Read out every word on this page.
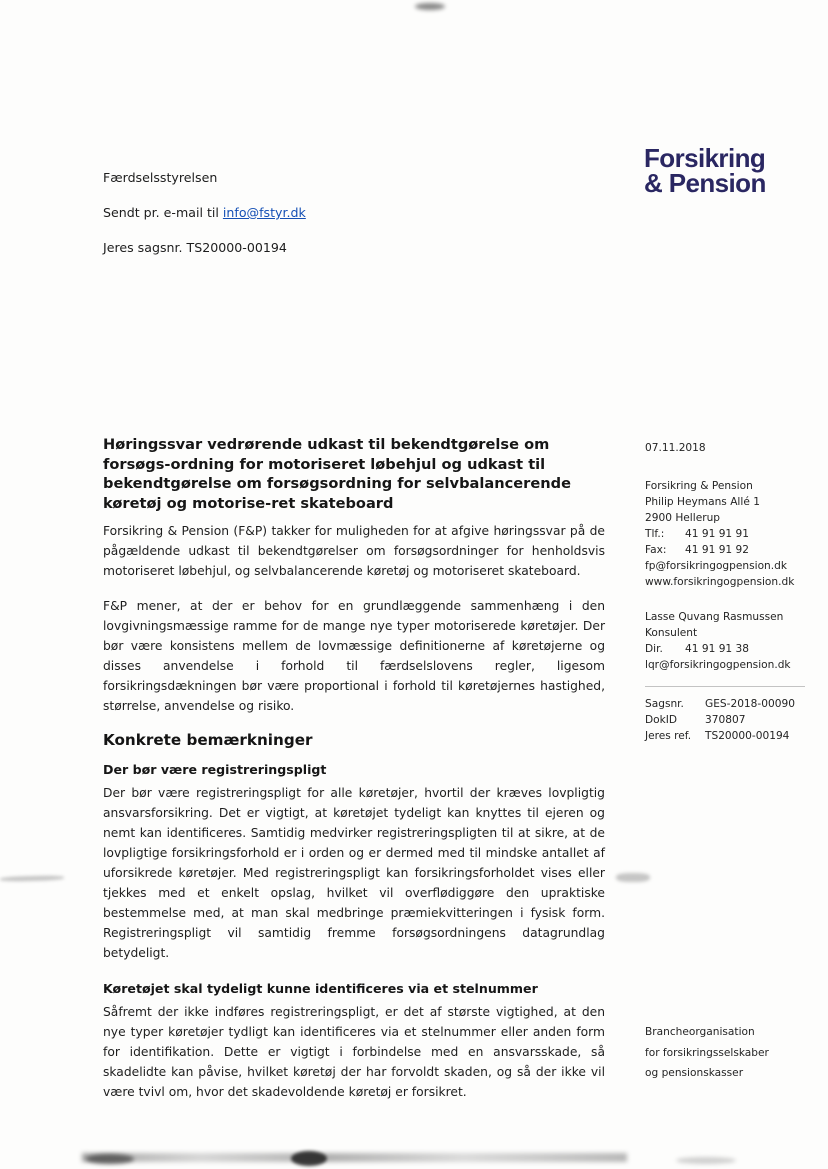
Færdselsstyrelsen

Sendt pr. e-mail til info@fstyr.dk

Jeres sagsnr. TS20000-00194

Forsikring
& Pension
Høringssvar vedrørende udkast til bekendtgørelse om forsøgs-ordning for motoriseret løbehjul og udkast til bekendtgørelse om forsøgsordning for selvbalancerende køretøj og motorise-ret skateboard

Forsikring & Pension (F&P) takker for muligheden for at afgive høringssvar på de pågældende udkast til bekendtgørelser om forsøgsordninger for henholdsvis motoriseret løbehjul, og selvbalancerende køretøj og motoriseret skateboard.

F&P mener, at der er behov for en grundlæggende sammenhæng i den lovgivningsmæssige ramme for de mange nye typer motoriserede køretøjer. Der bør være konsistens mellem de lovmæssige definitionerne af køretøjerne og disses anvendelse i forhold til færdselslovens regler, ligesom forsikringsdækningen bør være proportional i forhold til køretøjernes hastighed, størrelse, anvendelse og risiko.

Konkrete bemærkninger
Der bør være registreringspligt

Der bør være registreringspligt for alle køretøjer, hvortil der kræves lovpligtig ansvarsforsikring. Det er vigtigt, at køretøjet tydeligt kan knyttes til ejeren og nemt kan identificeres. Samtidig medvirker registreringspligten til at sikre, at de lovpligtige forsikringsforhold er i orden og er dermed med til mindske antallet af uforsikrede køretøjer. Med registreringspligt kan forsikringsforholdet vises eller tjekkes med et enkelt opslag, hvilket vil overflødiggøre den upraktiske bestemmelse med, at man skal medbringe præmiekvitteringen i fysisk form. Registreringspligt vil samtidig fremme forsøgsordningens datagrundlag betydeligt.

Køretøjet skal tydeligt kunne identificeres via et stelnummer

Såfremt der ikke indføres registreringspligt, er det af største vigtighed, at den nye typer køretøjer tydligt kan identificeres via et stelnummer eller anden form for identifikation. Dette er vigtigt i forbindelse med en ansvarsskade, så skadelidte kan påvise, hvilket køretøj der har forvoldt skaden, og så der ikke vil være tvivl om, hvor det skadevoldende køretøj er forsikret.

07.11.2018
Forsikring & Pension
Philip Heymans Allé 1
2900 Hellerup
Tlf.:	41 91 91 91
Fax:	41 91 91 92
fp@forsikringogpension.dk
www.forsikringogpension.dk
Lasse Quvang Rasmussen
Konsulent
Dir.	41 91 91 38
lqr@forsikringogpension.dk
Sagsnr.	GES-2018-00090
DokID	370807
Jeres ref.	TS20000-00194
Brancheorganisation
for forsikringsselskaber
og pensionskasser
